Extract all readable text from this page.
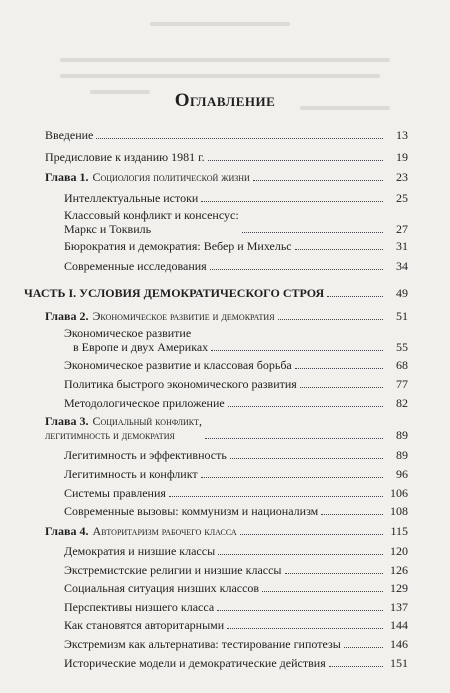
Оглавление
Введение	13
Предисловие к изданию 1981 г.	19
Глава 1. Социология политической жизни	23
Интеллектуальные истоки	25
Классовый конфликт и консенсус:
Маркс и Токвиль	27
Бюрократия и демократия: Вебер и Михельс	31
Современные исследования	34
ЧАСТЬ I. УСЛОВИЯ ДЕМОКРАТИЧЕСКОГО СТРОЯ	49
Глава 2. Экономическое развитие и демократия	51
Экономическое развитие
в Европе и двух Америках	55
Экономическое развитие и классовая борьба	68
Политика быстрого экономического развития	77
Методологическое приложение	82
Глава 3. Социальный конфликт,
легитимность и демократия	89
Легитимность и эффективность	89
Легитимность и конфликт	96
Системы правления	106
Современные вызовы: коммунизм и национализм	108
Глава 4. Авторитаризм рабочего класса	115
Демократия и низшие классы	120
Экстремистские религии и низшие классы	126
Социальная ситуация низших классов	129
Перспективы низшего класса	137
Как становятся авторитарными	144
Экстремизм как альтернатива: тестирование гипотезы	146
Исторические модели и демократические действия	151
